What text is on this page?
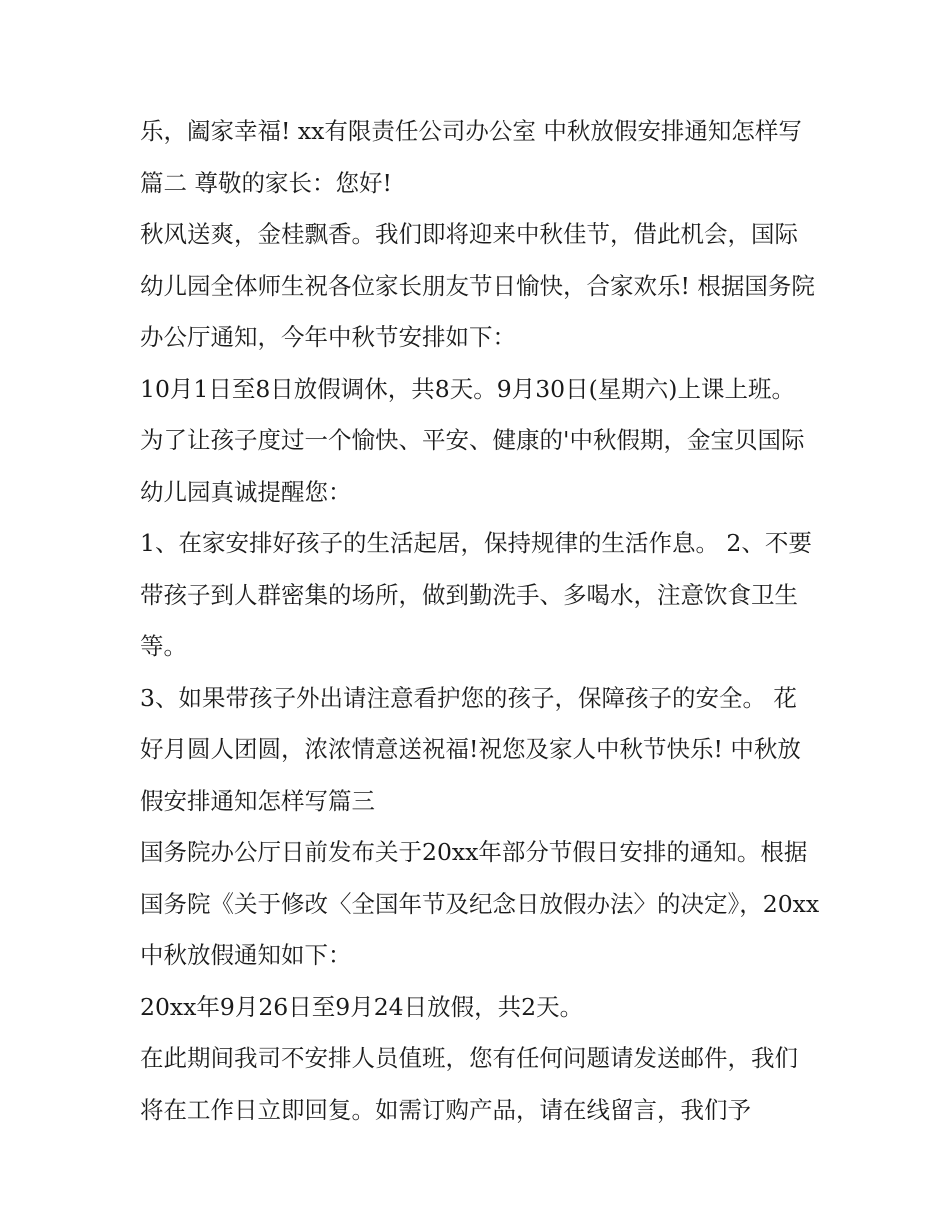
乐，阖家幸福! xx有限责任公司办公室 中秋放假安排通知怎样写篇二 尊敬的家长：您好!

秋风送爽，金桂飘香。我们即将迎来中秋佳节，借此机会，国际幼儿园全体师生祝各位家长朋友节日愉快，合家欢乐! 根据国务院办公厅通知，今年中秋节安排如下：

10月1日至8日放假调休，共8天。9月30日(星期六)上课上班。 为了让孩子度过一个愉快、平安、健康的'中秋假期，金宝贝国际幼儿园真诚提醒您：

1、在家安排好孩子的生活起居，保持规律的生活作息。 2、不要带孩子到人群密集的场所，做到勤洗手、多喝水，注意饮食卫生等。

3、如果带孩子外出请注意看护您的孩子，保障孩子的安全。 花好月圆人团圆，浓浓情意送祝福!祝您及家人中秋节快乐! 中秋放假安排通知怎样写篇三

国务院办公厅日前发布关于20xx年部分节假日安排的通知。根据国务院《关于修改〈全国年节及纪念日放假办法〉的决定》，20xx中秋放假通知如下：

20xx年9月26日至9月24日放假，共2天。

在此期间我司不安排人员值班，您有任何问题请发送邮件，我们将在工作日立即回复。如需订购产品，请在线留言，我们予
